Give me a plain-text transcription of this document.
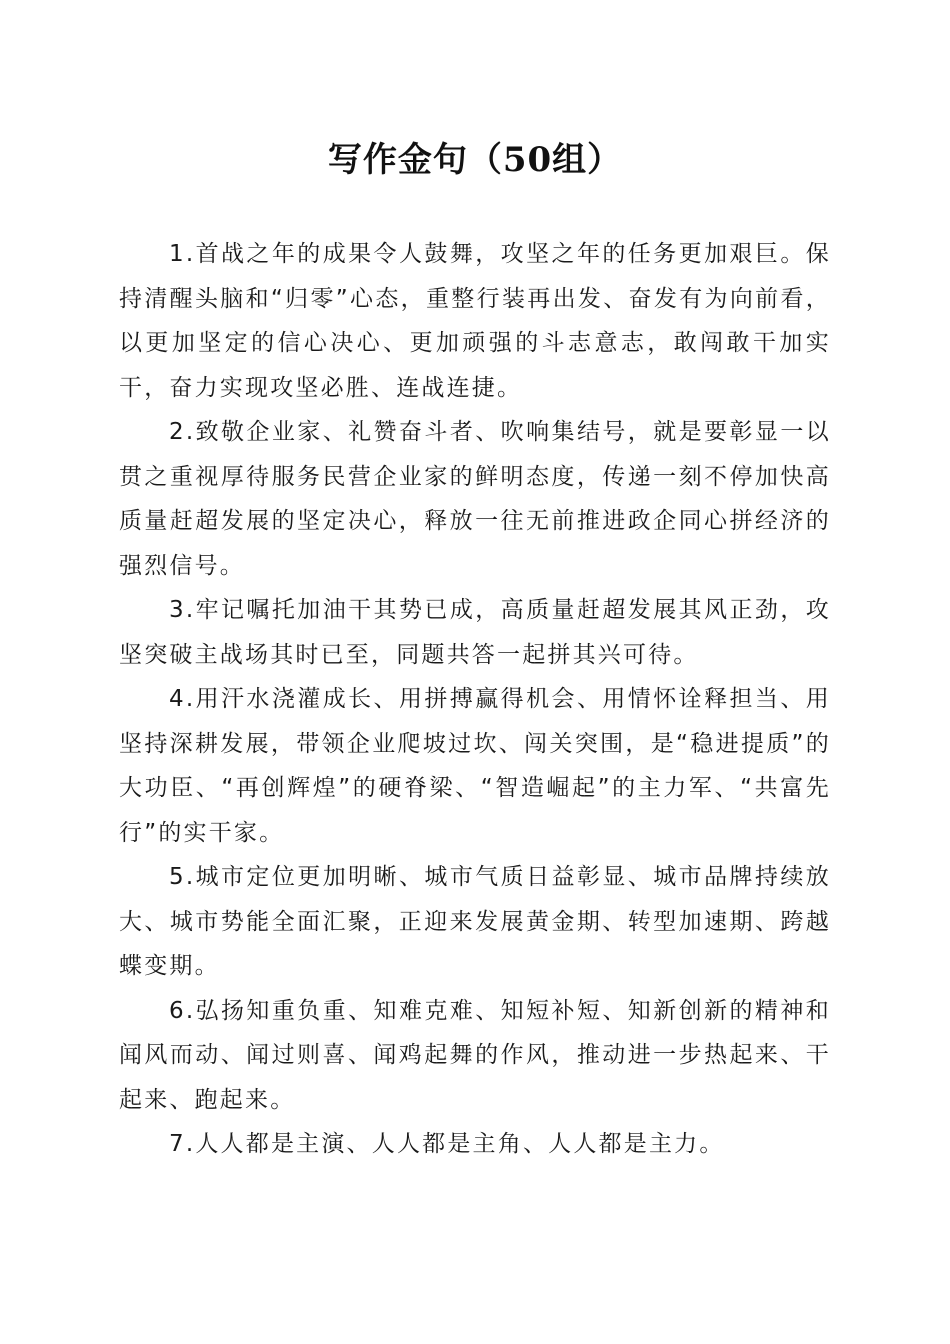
写作金句（50组）

1.首战之年的成果令人鼓舞，攻坚之年的任务更加艰巨。保持清醒头脑和“归零”心态，重整行装再出发、奋发有为向前看，以更加坚定的信心决心、更加顽强的斗志意志，敢闯敢干加实干，奋力实现攻坚必胜、连战连捷。

2.致敬企业家、礼赞奋斗者、吹响集结号，就是要彰显一以贯之重视厚待服务民营企业家的鲜明态度，传递一刻不停加快高质量赶超发展的坚定决心，释放一往无前推进政企同心拼经济的强烈信号。

3.牢记嘱托加油干其势已成，高质量赶超发展其风正劲，攻坚突破主战场其时已至，同题共答一起拼其兴可待。

4.用汗水浇灌成长、用拼搏赢得机会、用情怀诠释担当、用坚持深耕发展，带领企业爬坡过坎、闯关突围，是“稳进提质”的大功臣、“再创辉煌”的硬脊梁、“智造崛起”的主力军、“共富先行”的实干家。

5.城市定位更加明晰、城市气质日益彰显、城市品牌持续放大、城市势能全面汇聚，正迎来发展黄金期、转型加速期、跨越蝶变期。

6.弘扬知重负重、知难克难、知短补短、知新创新的精神和闻风而动、闻过则喜、闻鸡起舞的作风，推动进一步热起来、干起来、跑起来。

7.人人都是主演、人人都是主角、人人都是主力。
